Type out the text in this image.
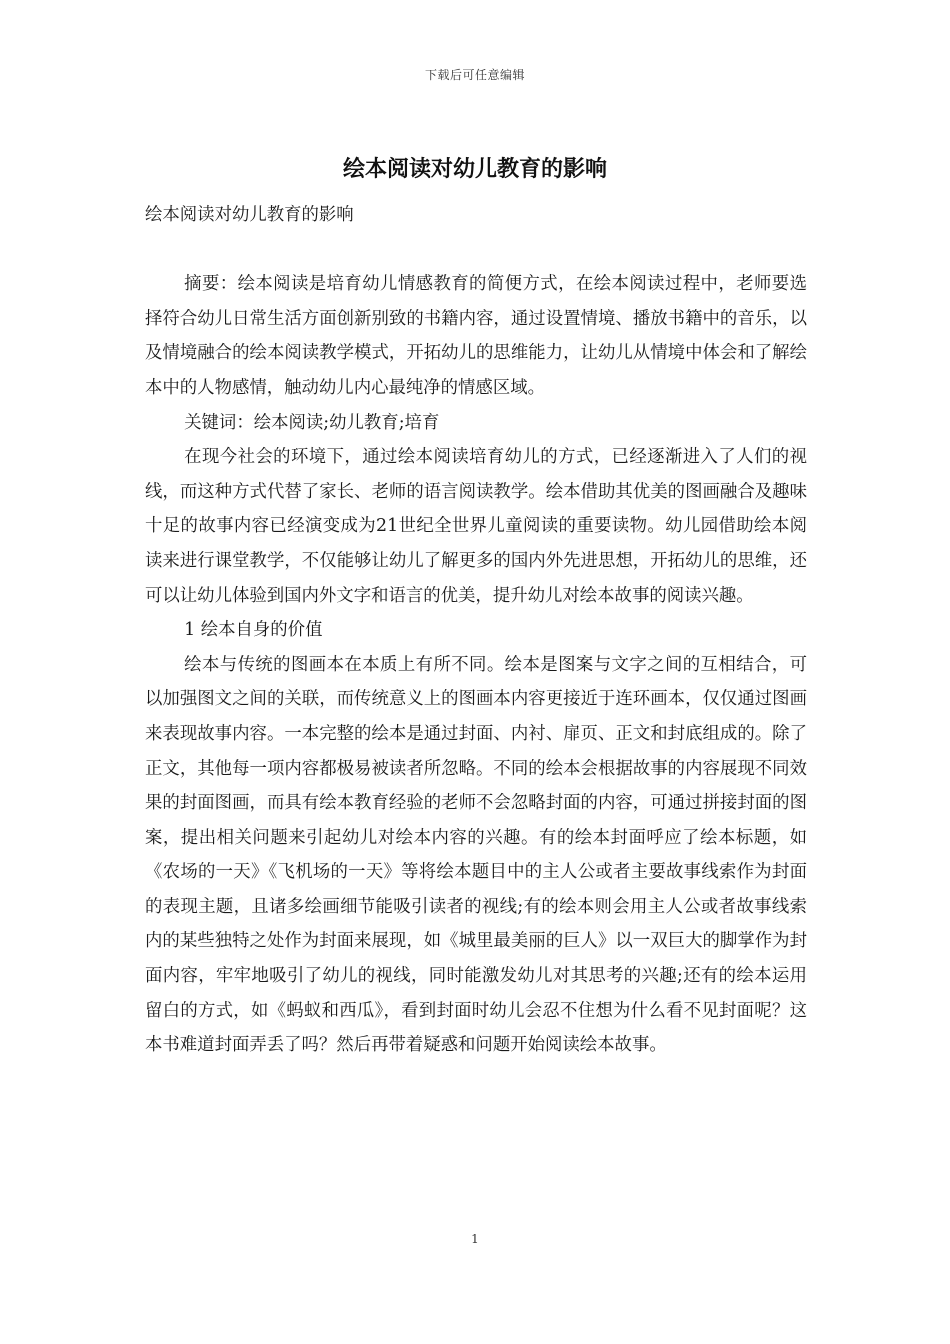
下载后可任意编辑
绘本阅读对幼儿教育的影响

绘本阅读对幼儿教育的影响

摘要：绘本阅读是培育幼儿情感教育的简便方式，在绘本阅读过程中，老师要选择符合幼儿日常生活方面创新别致的书籍内容，通过设置情境、播放书籍中的音乐，以及情境融合的绘本阅读教学模式，开拓幼儿的思维能力，让幼儿从情境中体会和了解绘本中的人物感情，触动幼儿内心最纯净的情感区域。

关键词：绘本阅读;幼儿教育;培育

在现今社会的环境下，通过绘本阅读培育幼儿的方式，已经逐渐进入了人们的视线，而这种方式代替了家长、老师的语言阅读教学。绘本借助其优美的图画融合及趣味十足的故事内容已经演变成为21世纪全世界儿童阅读的重要读物。幼儿园借助绘本阅读来进行课堂教学，不仅能够让幼儿了解更多的国内外先进思想，开拓幼儿的思维，还可以让幼儿体验到国内外文字和语言的优美，提升幼儿对绘本故事的阅读兴趣。

1 绘本自身的价值

绘本与传统的图画本在本质上有所不同。绘本是图案与文字之间的互相结合，可以加强图文之间的关联，而传统意义上的图画本内容更接近于连环画本，仅仅通过图画来表现故事内容。一本完整的绘本是通过封面、内衬、扉页、正文和封底组成的。除了正文，其他每一项内容都极易被读者所忽略。不同的绘本会根据故事的内容展现不同效果的封面图画，而具有绘本教育经验的老师不会忽略封面的内容，可通过拼接封面的图案，提出相关问题来引起幼儿对绘本内容的兴趣。有的绘本封面呼应了绘本标题，如《农场的一天》《飞机场的一天》等将绘本题目中的主人公或者主要故事线索作为封面的表现主题，且诸多绘画细节能吸引读者的视线;有的绘本则会用主人公或者故事线索内的某些独特之处作为封面来展现，如《城里最美丽的巨人》以一双巨大的脚掌作为封面内容，牢牢地吸引了幼儿的视线，同时能激发幼儿对其思考的兴趣;还有的绘本运用留白的方式，如《蚂蚁和西瓜》，看到封面时幼儿会忍不住想为什么看不见封面呢？这本书难道封面弄丢了吗？然后再带着疑惑和问题开始阅读绘本故事。

1
